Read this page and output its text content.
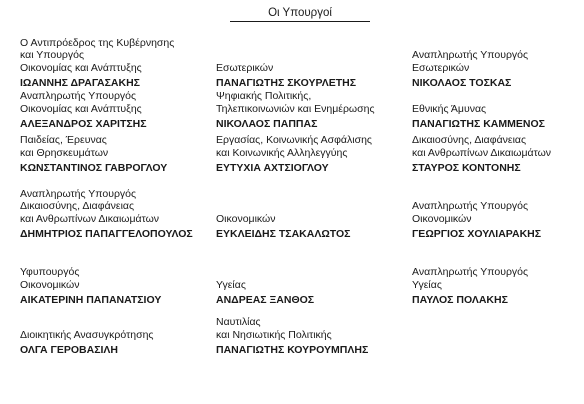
Οι Υπουργοί
Ο Αντιπρόεδρος της Κυβέρνησης
και Υπουργός
Οικονομίας και Ανάπτυξης
ΙΩΑΝΝΗΣ ΔΡΑΓΑΣΑΚΗΣ
Εσωτερικών
ΠΑΝΑΓΙΩΤΗΣ ΣΚΟΥΡΛΕΤΗΣ
Αναπληρωτής Υπουργός
Εσωτερικών
ΝΙΚΟΛΑΟΣ ΤΟΣΚΑΣ
Αναπληρωτής Υπουργός
Οικονομίας και Ανάπτυξης
ΑΛΕΞΑΝΔΡΟΣ ΧΑΡΙΤΣΗΣ
Ψηφιακής Πολιτικής,
Τηλεπικοινωνιών και Ενημέρωσης
ΝΙΚΟΛΑΟΣ ΠΑΠΠΑΣ
Εθνικής Άμυνας
ΠΑΝΑΓΙΩΤΗΣ ΚΑΜΜΕΝΟΣ
Παιδείας, Έρευνας
και Θρησκευμάτων
ΚΩΝΣΤΑΝΤΙΝΟΣ ΓΑΒΡΟΓΛΟΥ
Εργασίας, Κοινωνικής Ασφάλισης
και Κοινωνικής Αλληλεγγύης
ΕΥΤΥΧΙΑ ΑΧΤΣΙΟΓΛΟΥ
Δικαιοσύνης, Διαφάνειας
και Ανθρωπίνων Δικαιωμάτων
ΣΤΑΥΡΟΣ ΚΟΝΤΟΝΗΣ
Αναπληρωτής Υπουργός
Δικαιοσύνης, Διαφάνειας
και Ανθρωπίνων Δικαιωμάτων
ΔΗΜΗΤΡΙΟΣ ΠΑΠΑΓΓΕΛΟΠΟΥΛΟΣ
Οικονομικών
ΕΥΚΛΕΙΔΗΣ ΤΣΑΚΑΛΩΤΟΣ
Αναπληρωτής Υπουργός
Οικονομικών
ΓΕΩΡΓΙΟΣ ΧΟΥΛΙΑΡΑΚΗΣ
Υφυπουργός
Οικονομικών
ΑΙΚΑΤΕΡΙΝΗ ΠΑΠΑΝΑΤΣΙΟΥ
Υγείας
ΑΝΔΡΕΑΣ ΞΑΝΘΟΣ
Αναπληρωτής Υπουργός
Υγείας
ΠΑΥΛΟΣ ΠΟΛΑΚΗΣ
Διοικητικής Ανασυγκρότησης
ΟΛΓΑ ΓΕΡΟΒΑΣΙΛΗ
Ναυτιλίας
και Νησιωτικής Πολιτικής
ΠΑΝΑΓΙΩΤΗΣ ΚΟΥΡΟΥΜΠΛΗΣ
